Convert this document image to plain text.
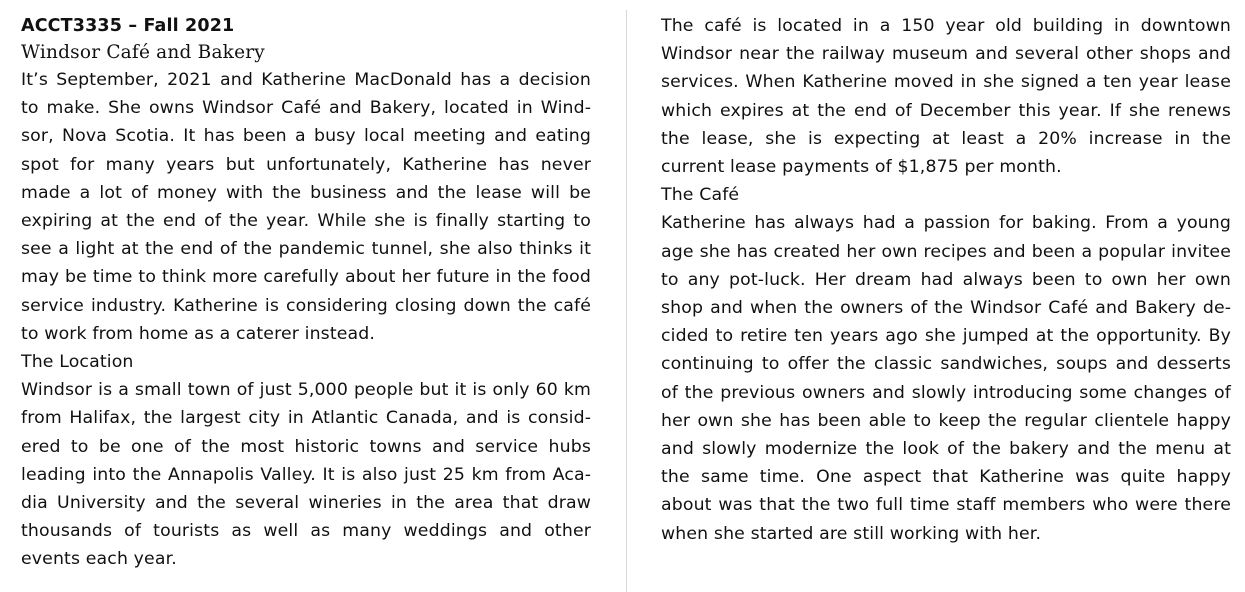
ACCT3335 – Fall 2021
Windsor Café and Bakery

It’s September, 2021 and Katherine MacDonald has a decision to make. She owns Windsor Café and Bakery, located in Windsor, Nova Scotia. It has been a busy local meeting and eating spot for many years but unfortunately, Katherine has never made a lot of money with the business and the lease will be expiring at the end of the year. While she is finally starting to see a light at the end of the pandemic tunnel, she also thinks it may be time to think more carefully about her future in the food service industry. Katherine is considering closing down the café to work from home as a caterer instead.

The Location

Windsor is a small town of just 5,000 people but it is only 60 km from Halifax, the largest city in Atlantic Canada, and is considered to be one of the most historic towns and service hubs leading into the Annapolis Valley. It is also just 25 km from Acadia University and the several wineries in the area that draw thousands of tourists as well as many weddings and other events each year.

The café is located in a 150 year old building in downtown Windsor near the railway museum and several other shops and services. When Katherine moved in she signed a ten year lease which expires at the end of December this year. If she renews the lease, she is expecting at least a 20% increase in the current lease payments of $1,875 per month.

The Café

Katherine has always had a passion for baking. From a young age she has created her own recipes and been a popular invitee to any pot-luck. Her dream had always been to own her own shop and when the owners of the Windsor Café and Bakery decided to retire ten years ago she jumped at the opportunity. By continuing to offer the classic sandwiches, soups and desserts of the previous owners and slowly introducing some changes of her own she has been able to keep the regular clientele happy and slowly modernize the look of the bakery and the menu at the same time. One aspect that Katherine was quite happy about was that the two full time staff members who were there when she started are still working with her.
